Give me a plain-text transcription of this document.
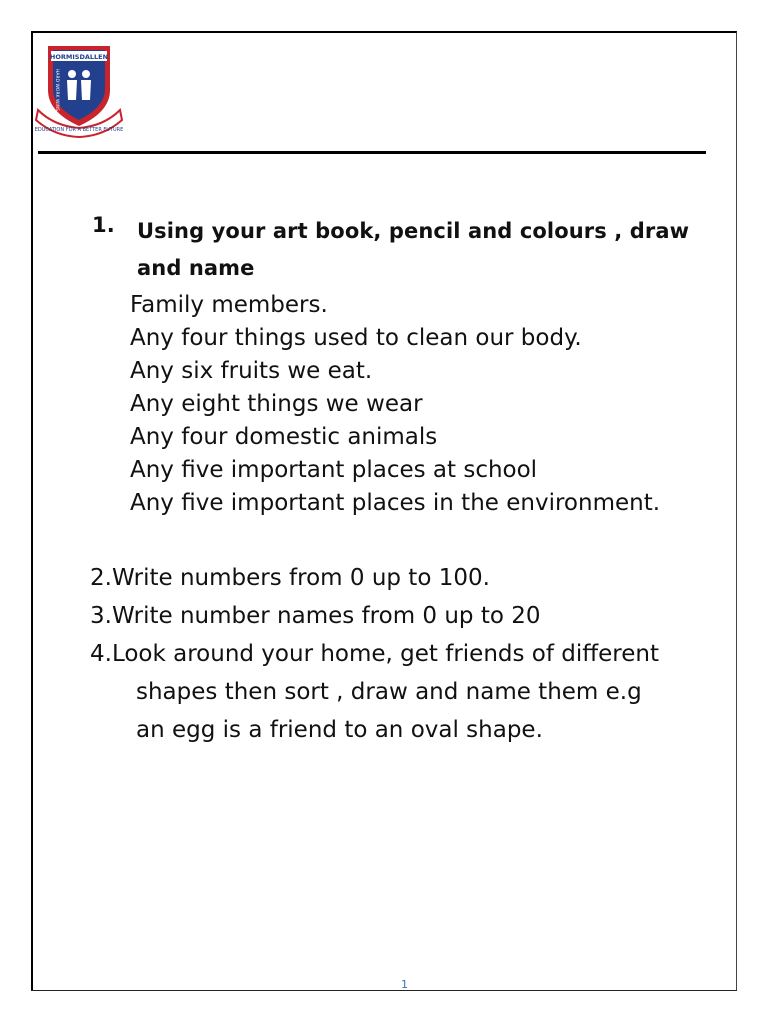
EDUCATION FOR A BETTER FUTURE
HORMISDALLEN
HARD WORK WINS
1. Using your art book, pencil and colours , draw
and name
Family members.
Any four things used to clean our body.
Any six fruits we eat.
Any eight things we wear
Any four domestic animals
Any five important places at school
Any five important places in the environment.
2.Write numbers from 0 up to 100.
3.Write number names from 0 up to 20
4.Look around your home, get friends of different
shapes then sort , draw and name them e.g
an egg is a friend to an oval shape.
1
